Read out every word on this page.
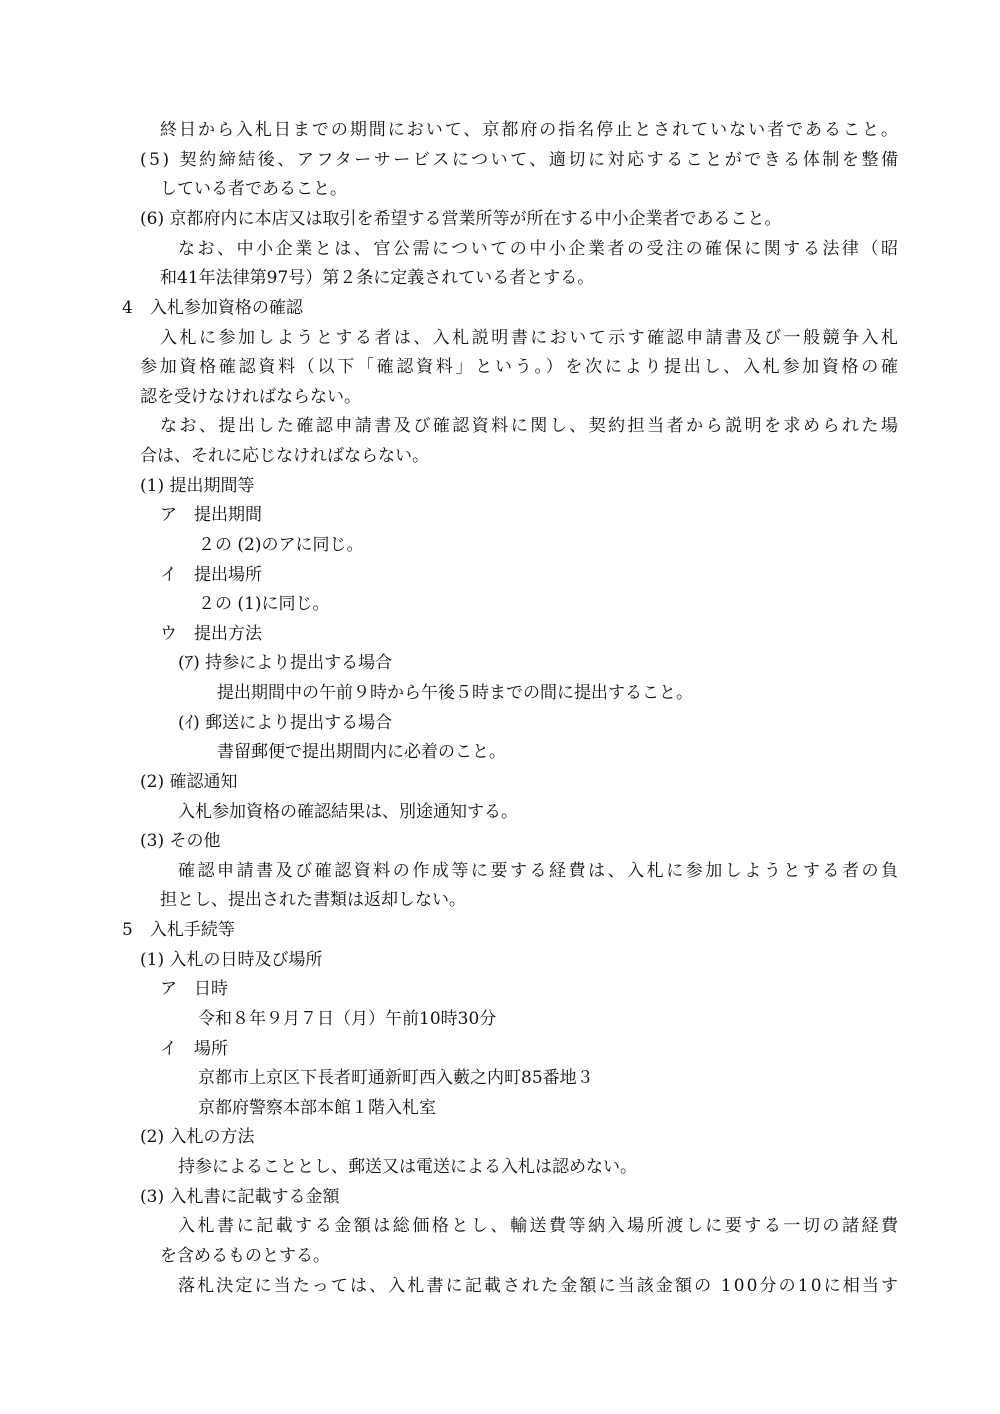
終日から入札日までの期間において、京都府の指名停止とされていない者であること。
(5) 契約締結後、アフターサービスについて、適切に対応することができる体制を整備
している者であること。
(6) 京都府内に本店又は取引を希望する営業所等が所在する中小企業者であること。
なお、中小企業とは、官公需についての中小企業者の受注の確保に関する法律（昭
和41年法律第97号）第２条に定義されている者とする。
4　入札参加資格の確認
入札に参加しようとする者は、入札説明書において示す確認申請書及び一般競争入札
参加資格確認資料（以下「確認資料」という。）を次により提出し、入札参加資格の確
認を受けなければならない。
なお、提出した確認申請書及び確認資料に関し、契約担当者から説明を求められた場
合は、それに応じなければならない。
(1) 提出期間等
ア　提出期間
２の (2)のアに同じ。
イ　提出場所
２の (1)に同じ。
ウ　提出方法
(ｱ) 持参により提出する場合
提出期間中の午前９時から午後５時までの間に提出すること。
(ｲ) 郵送により提出する場合
書留郵便で提出期間内に必着のこと。
(2) 確認通知
入札参加資格の確認結果は、別途通知する。
(3) その他
確認申請書及び確認資料の作成等に要する経費は、入札に参加しようとする者の負
担とし、提出された書類は返却しない。
5　入札手続等
(1) 入札の日時及び場所
ア　日時
令和８年９月７日（月）午前10時30分
イ　場所
京都市上京区下長者町通新町西入藪之内町85番地３
京都府警察本部本館１階入札室
(2) 入札の方法
持参によることとし、郵送又は電送による入札は認めない。
(3) 入札書に記載する金額
入札書に記載する金額は総価格とし、輸送費等納入場所渡しに要する一切の諸経費
を含めるものとする。
落札決定に当たっては、入札書に記載された金額に当該金額の 100分の10に相当す
